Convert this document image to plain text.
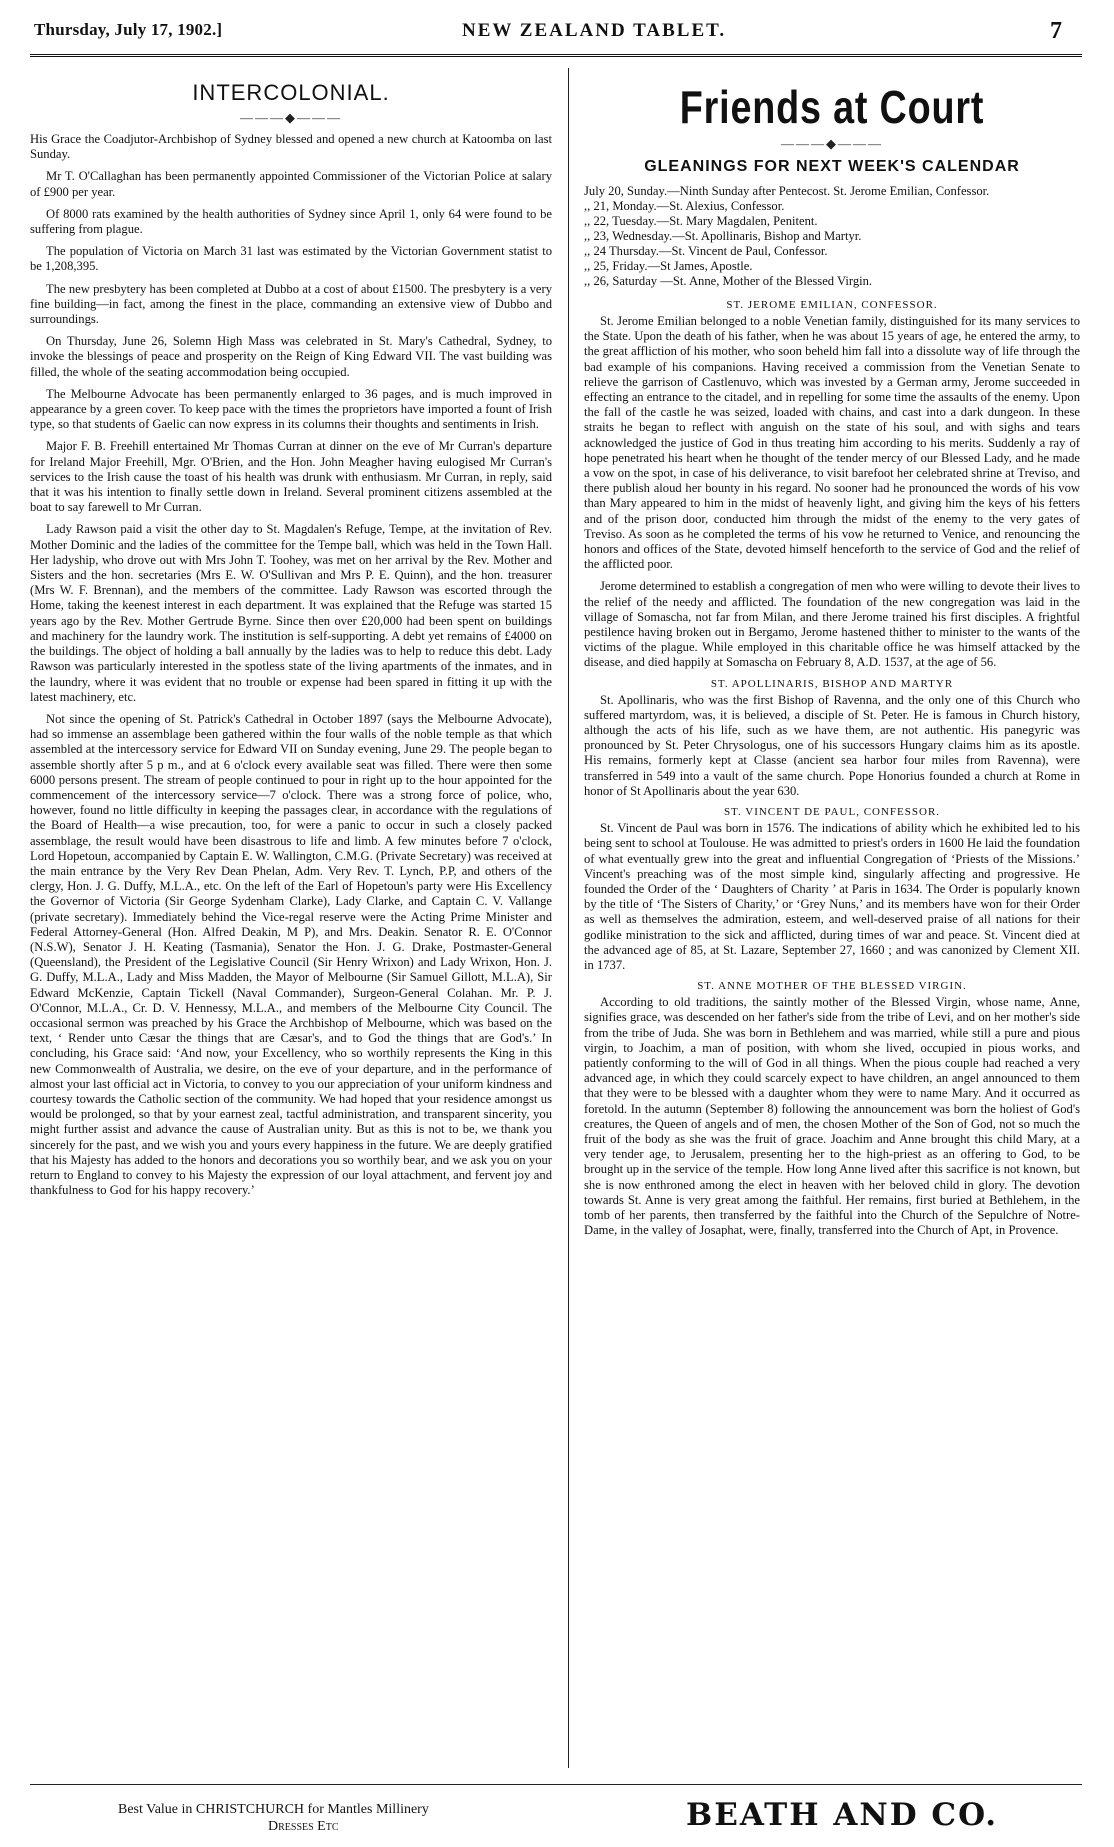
Thursday, July 17, 1902.]	NEW ZEALAND TABLET.	7
INTERCOLONIAL.
———◆———

His Grace the Coadjutor-Archbishop of Sydney blessed and opened a new church at Katoomba on last Sunday.

Mr T. O'Callaghan has been permanently appointed Commissioner of the Victorian Police at salary of £900 per year.

Of 8000 rats examined by the health authorities of Sydney since April 1, only 64 were found to be suffering from plague.

The population of Victoria on March 31 last was estimated by the Victorian Government statist to be 1,208,395.

The new presbytery has been completed at Dubbo at a cost of about £1500. The presbytery is a very fine building—in fact, among the finest in the place, commanding an extensive view of Dubbo and surroundings.

On Thursday, June 26, Solemn High Mass was celebrated in St. Mary's Cathedral, Sydney, to invoke the blessings of peace and prosperity on the Reign of King Edward VII. The vast building was filled, the whole of the seating accommodation being occupied.

The Melbourne Advocate has been permanently enlarged to 36 pages, and is much improved in appearance by a green cover. To keep pace with the times the proprietors have imported a fount of Irish type, so that students of Gaelic can now express in its columns their thoughts and sentiments in Irish.

Major F. B. Freehill entertained Mr Thomas Curran at dinner on the eve of Mr Curran's departure for Ireland Major Freehill, Mgr. O'Brien, and the Hon. John Meagher having eulogised Mr Curran's services to the Irish cause the toast of his health was drunk with enthusiasm. Mr Curran, in reply, said that it was his intention to finally settle down in Ireland. Several prominent citizens assembled at the boat to say farewell to Mr Curran.

Lady Rawson paid a visit the other day to St. Magdalen's Refuge, Tempe, at the invitation of Rev. Mother Dominic and the ladies of the committee for the Tempe ball, which was held in the Town Hall. Her ladyship, who drove out with Mrs John T. Toohey, was met on her arrival by the Rev. Mother and Sisters and the hon. secretaries (Mrs E. W. O'Sullivan and Mrs P. E. Quinn), and the hon. treasurer (Mrs W. F. Brennan), and the members of the committee. Lady Rawson was escorted through the Home, taking the keenest interest in each department. It was explained that the Refuge was started 15 years ago by the Rev. Mother Gertrude Byrne. Since then over £20,000 had been spent on buildings and machinery for the laundry work. The institution is self-supporting. A debt yet remains of £4000 on the buildings. The object of holding a ball annually by the ladies was to help to reduce this debt. Lady Rawson was particularly interested in the spotless state of the living apartments of the inmates, and in the laundry, where it was evident that no trouble or expense had been spared in fitting it up with the latest machinery, etc.

Not since the opening of St. Patrick's Cathedral in October 1897 (says the Melbourne Advocate), had so immense an assemblage been gathered within the four walls of the noble temple as that which assembled at the intercessory service for Edward VII on Sunday evening, June 29. The people began to assemble shortly after 5 p m., and at 6 o'clock every available seat was filled. There were then some 6000 persons present. The stream of people continued to pour in right up to the hour appointed for the commencement of the intercessory service—7 o'clock. There was a strong force of police, who, however, found no little difficulty in keeping the passages clear, in accordance with the regulations of the Board of Health—a wise precaution, too, for were a panic to occur in such a closely packed assemblage, the result would have been disastrous to life and limb. A few minutes before 7 o'clock, Lord Hopetoun, accompanied by Captain E. W. Wallington, C.M.G. (Private Secretary) was received at the main entrance by the Very Rev Dean Phelan, Adm. Very Rev. T. Lynch, P.P, and others of the clergy, Hon. J. G. Duffy, M.L.A., etc. On the left of the Earl of Hopetoun's party were His Excellency the Governor of Victoria (Sir George Sydenham Clarke), Lady Clarke, and Captain C. V. Vallange (private secretary). Immediately behind the Vice-regal reserve were the Acting Prime Minister and Federal Attorney-General (Hon. Alfred Deakin, M P), and Mrs. Deakin. Senator R. E. O'Connor (N.S.W), Senator J. H. Keating (Tasmania), Senator the Hon. J. G. Drake, Postmaster-General (Queensland), the President of the Legislative Council (Sir Henry Wrixon) and Lady Wrixon, Hon. J. G. Duffy, M.L.A., Lady and Miss Madden, the Mayor of Melbourne (Sir Samuel Gillott, M.L.A), Sir Edward McKenzie, Captain Tickell (Naval Commander), Surgeon-General Colahan. Mr. P. J. O'Connor, M.L.A., Cr. D. V. Hennessy, M.L.A., and members of the Melbourne City Council. The occasional sermon was preached by his Grace the Archbishop of Melbourne, which was based on the text, ‘ Render unto Cæsar the things that are Cæsar's, and to God the things that are God's.’ In concluding, his Grace said: ‘And now, your Excellency, who so worthily represents the King in this new Commonwealth of Australia, we desire, on the eve of your departure, and in the performance of almost your last official act in Victoria, to convey to you our appreciation of your uniform kindness and courtesy towards the Catholic section of the community. We had hoped that your residence amongst us would be prolonged, so that by your earnest zeal, tactful administration, and transparent sincerity, you might further assist and advance the cause of Australian unity. But as this is not to be, we thank you sincerely for the past, and we wish you and yours every happiness in the future. We are deeply gratified that his Majesty has added to the honors and decorations you so worthily bear, and we ask you on your return to England to convey to his Majesty the expression of our loyal attachment, and fervent joy and thankfulness to God for his happy recovery.’

Friends at Court
———◆———
GLEANINGS FOR NEXT WEEK'S CALENDAR
July 20, Sunday.—Ninth Sunday after Pentecost. St. Jerome Emilian, Confessor.
,, 21, Monday.—St. Alexius, Confessor.
,, 22, Tuesday.—St. Mary Magdalen, Penitent.
,, 23, Wednesday.—St. Apollinaris, Bishop and Martyr.
,, 24 Thursday.—St. Vincent de Paul, Confessor.
,, 25, Friday.—St James, Apostle.
,, 26, Saturday —St. Anne, Mother of the Blessed Virgin.
ST. JEROME EMILIAN, CONFESSOR.

St. Jerome Emilian belonged to a noble Venetian family, distinguished for its many services to the State. Upon the death of his father, when he was about 15 years of age, he entered the army, to the great affliction of his mother, who soon beheld him fall into a dissolute way of life through the bad example of his companions. Having received a commission from the Venetian Senate to relieve the garrison of Castlenuvo, which was invested by a German army, Jerome succeeded in effecting an entrance to the citadel, and in repelling for some time the assaults of the enemy. Upon the fall of the castle he was seized, loaded with chains, and cast into a dark dungeon. In these straits he began to reflect with anguish on the state of his soul, and with sighs and tears acknowledged the justice of God in thus treating him according to his merits. Suddenly a ray of hope penetrated his heart when he thought of the tender mercy of our Blessed Lady, and he made a vow on the spot, in case of his deliverance, to visit barefoot her celebrated shrine at Treviso, and there publish aloud her bounty in his regard. No sooner had he pronounced the words of his vow than Mary appeared to him in the midst of heavenly light, and giving him the keys of his fetters and of the prison door, conducted him through the midst of the enemy to the very gates of Treviso. As soon as he completed the terms of his vow he returned to Venice, and renouncing the honors and offices of the State, devoted himself henceforth to the service of God and the relief of the afflicted poor.

Jerome determined to establish a congregation of men who were willing to devote their lives to the relief of the needy and afflicted. The foundation of the new congregation was laid in the village of Somascha, not far from Milan, and there Jerome trained his first disciples. A frightful pestilence having broken out in Bergamo, Jerome hastened thither to minister to the wants of the victims of the plague. While employed in this charitable office he was himself attacked by the disease, and died happily at Somascha on February 8, A.D. 1537, at the age of 56.

ST. APOLLINARIS, BISHOP AND MARTYR

St. Apollinaris, who was the first Bishop of Ravenna, and the only one of this Church who suffered martyrdom, was, it is believed, a disciple of St. Peter. He is famous in Church history, although the acts of his life, such as we have them, are not authentic. His panegyric was pronounced by St. Peter Chrysologus, one of his successors Hungary claims him as its apostle. His remains, formerly kept at Classe (ancient sea harbor four miles from Ravenna), were transferred in 549 into a vault of the same church. Pope Honorius founded a church at Rome in honor of St Apollinaris about the year 630.

ST. VINCENT DE PAUL, CONFESSOR.

St. Vincent de Paul was born in 1576. The indications of ability which he exhibited led to his being sent to school at Toulouse. He was admitted to priest's orders in 1600 He laid the foundation of what eventually grew into the great and influential Congregation of ‘Priests of the Missions.’ Vincent's preaching was of the most simple kind, singularly affecting and progressive. He founded the Order of the ‘ Daughters of Charity ’ at Paris in 1634. The Order is popularly known by the title of ‘The Sisters of Charity,’ or ‘Grey Nuns,’ and its members have won for their Order as well as themselves the admiration, esteem, and well-deserved praise of all nations for their godlike ministration to the sick and afflicted, during times of war and peace. St. Vincent died at the advanced age of 85, at St. Lazare, September 27, 1660 ; and was canonized by Clement XII. in 1737.

ST. ANNE MOTHER OF THE BLESSED VIRGIN.

According to old traditions, the saintly mother of the Blessed Virgin, whose name, Anne, signifies grace, was descended on her father's side from the tribe of Levi, and on her mother's side from the tribe of Juda. She was born in Bethlehem and was married, while still a pure and pious virgin, to Joachim, a man of position, with whom she lived, occupied in pious works, and patiently conforming to the will of God in all things. When the pious couple had reached a very advanced age, in which they could scarcely expect to have children, an angel announced to them that they were to be blessed with a daughter whom they were to name Mary. And it occurred as foretold. In the autumn (September 8) following the announcement was born the holiest of God's creatures, the Queen of angels and of men, the chosen Mother of the Son of God, not so much the fruit of the body as she was the fruit of grace. Joachim and Anne brought this child Mary, at a very tender age, to Jerusalem, presenting her to the high-priest as an offering to God, to be brought up in the service of the temple. How long Anne lived after this sacrifice is not known, but she is now enthroned among the elect in heaven with her beloved child in glory. The devotion towards St. Anne is very great among the faithful. Her remains, first buried at Bethlehem, in the tomb of her parents, then transferred by the faithful into the Church of the Sepulchre of Notre-Dame, in the valley of Josaphat, were, finally, transferred into the Church of Apt, in Provence.

Best Value in CHRISTCHURCH for Mantles Millinery
Dresses Etc	BEATH AND CO.
